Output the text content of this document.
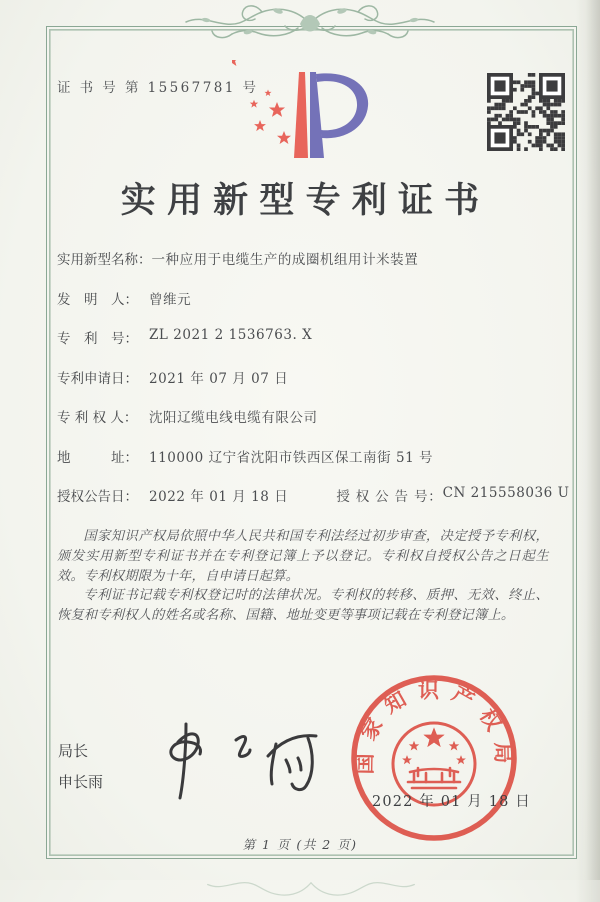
证 书 号 第 15567781 号
实用新型专利证书
实用新型名称： 一种应用于电缆生产的成圈机组用计米装置
发　明　人： 曾维元
专　利　号： ZL 2021 2 1536763. X
专利申请日： 2021 年 07 月 07 日
专 利 权 人： 沈阳辽缆电线电缆有限公司
地　　　址： 110000 辽宁省沈阳市铁西区保工南街 51 号
授权公告日： 2022 年 01 月 18 日	授 权 公 告 号： CN 215558036 U

国家知识产权局依照中华人民共和国专利法经过初步审查，决定授予专利权，颁发实用新型专利证书并在专利登记簿上予以登记。专利权自授权公告之日起生效。专利权期限为十年，自申请日起算。

专利证书记载专利权登记时的法律状况。专利权的转移、质押、无效、终止、恢复和专利权人的姓名或名称、国籍、地址变更等事项记载在专利登记簿上。

局长
申长雨
国家知识产权局
2022 年 01 月 18 日
第 1 页 (共 2 页)
